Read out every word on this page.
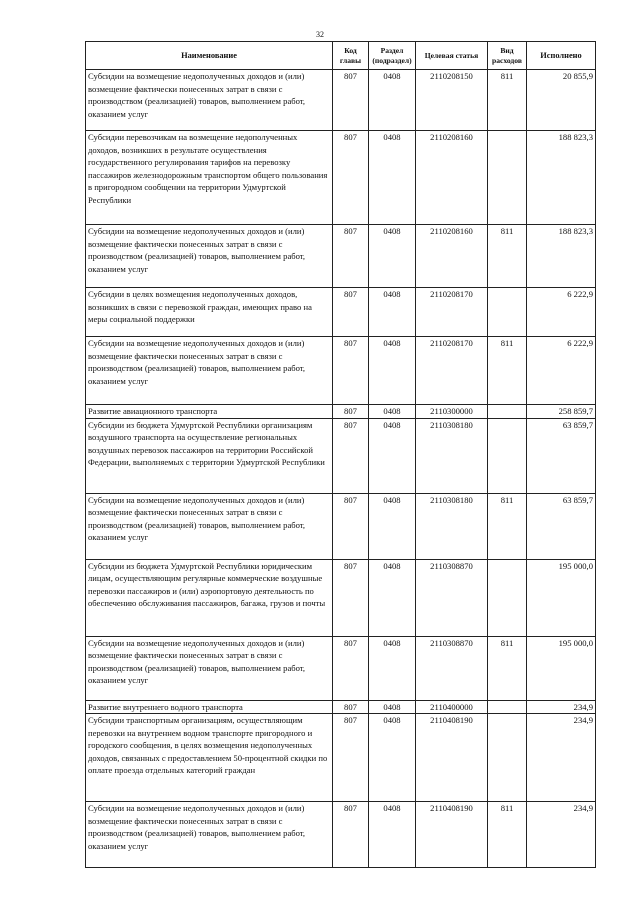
32
Наименование	Код главы	Раздел (подраздел)	Целевая статья	Вид расходов	Исполнено
Субсидии на возмещение недополученных доходов и (или) возмещение фактически понесенных затрат в связи с производством (реализацией) товаров, выполнением работ, оказанием услуг	807	0408	2110208150	811	20 855,9
Субсидии перевозчикам на возмещение недополученных доходов, возникших в результате осуществления государственного регулирования тарифов на перевозку пассажиров железнодорожным транспортом общего пользования в пригородном сообщении на территории Удмуртской Республики	807	0408	2110208160		188 823,3
Субсидии на возмещение недополученных доходов и (или) возмещение фактически понесенных затрат в связи с производством (реализацией) товаров, выполнением работ, оказанием услуг	807	0408	2110208160	811	188 823,3
Субсидии в целях возмещения недополученных доходов, возникших в связи с перевозкой граждан, имеющих право на меры социальной поддержки	807	0408	2110208170		6 222,9
Субсидии на возмещение недополученных доходов и (или) возмещение фактически понесенных затрат в связи с производством (реализацией) товаров, выполнением работ, оказанием услуг	807	0408	2110208170	811	6 222,9
Развитие авиационного транспорта	807	0408	2110300000		258 859,7
Субсидии из бюджета Удмуртской Республики организациям воздушного транспорта на осуществление региональных воздушных перевозок пассажиров на территории Российской Федерации, выполняемых с территории Удмуртской Республики	807	0408	2110308180		63 859,7
Субсидии на возмещение недополученных доходов и (или) возмещение фактически понесенных затрат в связи с производством (реализацией) товаров, выполнением работ, оказанием услуг	807	0408	2110308180	811	63 859,7
Субсидии из бюджета Удмуртской Республики юридическим лицам, осуществляющим регулярные коммерческие воздушные перевозки пассажиров и (или) аэропортовую деятельность по обеспечению обслуживания пассажиров, багажа, грузов и почты	807	0408	2110308870		195 000,0
Субсидии на возмещение недополученных доходов и (или) возмещение фактически понесенных затрат в связи с производством (реализацией) товаров, выполнением работ, оказанием услуг	807	0408	2110308870	811	195 000,0
Развитие внутреннего водного транспорта	807	0408	2110400000		234,9
Субсидии транспортным организациям, осуществляющим перевозки на внутреннем водном транспорте пригородного и городского сообщения, в целях возмещения недополученных доходов, связанных с предоставлением 50-процентной скидки по оплате проезда отдельных категорий граждан	807	0408	2110408190		234,9
Субсидии на возмещение недополученных доходов и (или) возмещение фактически понесенных затрат в связи с производством (реализацией) товаров, выполнением работ, оказанием услуг	807	0408	2110408190	811	234,9
